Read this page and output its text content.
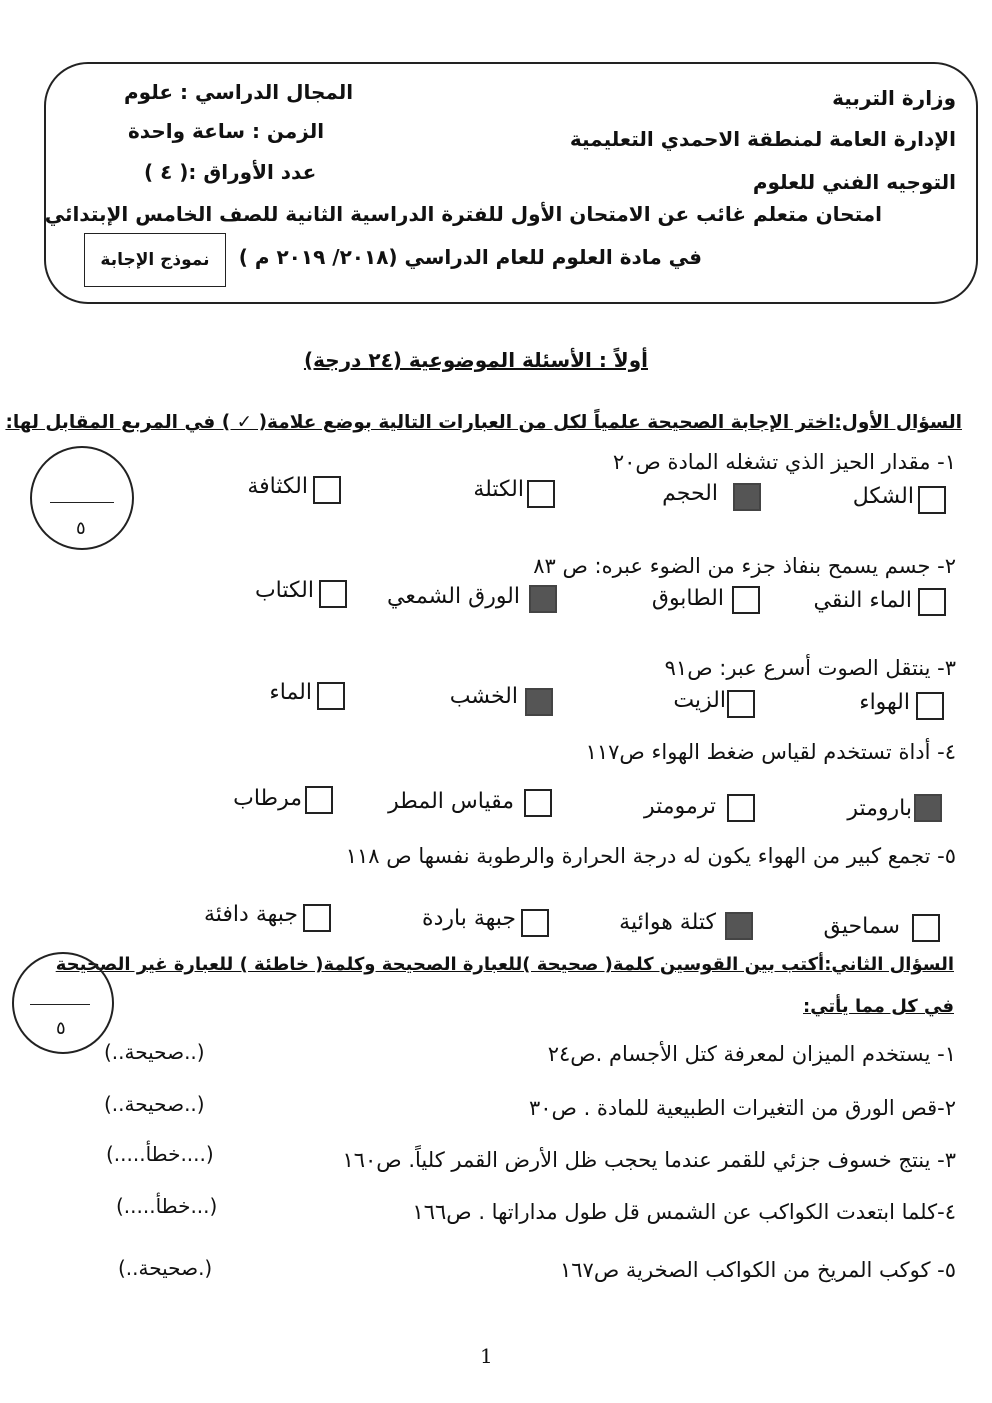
وزارة التربية
الإدارة العامة لمنطقة الاحمدي التعليمية
التوجيه الفني للعلوم
المجال الدراسي : علوم
الزمن : ساعة واحدة
عدد الأوراق :( ٤ )
امتحان متعلم غائب عن الامتحان الأول للفترة الدراسية الثانية للصف الخامس الإبتدائي
في مادة العلوم للعام الدراسي (٢٠١٨/ ٢٠١٩ م )
نموذج الإجابة
أولاً : الأسئلة الموضوعية (٢٤ درجة)
السؤال الأول:اختر الإجابة الصحيحة علمياً لكل من العبارات التالية بوضع علامة( ✓ ) في المربع المقابل لها:
٥
١- مقدار الحيز الذي تشغله المادة ص٢٠
الشكل
الحجم
الكتلة
الكثافة
٢- جسم يسمح بنفاذ جزء من الضوء عبره: ص ٨٣
الماء النقي
الطابوق
الورق الشمعي
الكتاب
٣- ينتقل الصوت أسرع عبر: ص٩١
الهواء
الزيت
الخشب
الماء
٤- أداة تستخدم لقياس ضغط الهواء ص١١٧
بارومتر
ترمومتر
مقياس المطر
مرطاب
٥- تجمع كبير من الهواء يكون له درجة الحرارة والرطوبة نفسها ص ١١٨
سماحيق
كتلة هوائية
جبهة باردة
جبهة دافئة
السؤال الثاني:أكتب بين القوسين كلمة( صحيحة )للعبارة الصحيحة وكلمة( خاطئة ) للعبارة غير الصحيحة
في كل مما يأتي:
٥
١- يستخدم الميزان لمعرفة كتل الأجسام .ص٢٤
(..صحيحة..)
٢-قص الورق من التغيرات الطبيعية للمادة . ص٣٠
(..صحيحة..)
٣- ينتج خسوف جزئي للقمر عندما يحجب ظل الأرض القمر كلياً. ص١٦٠
(....خطأ.....)
٤-كلما ابتعدت الكواكب عن الشمس قل طول مداراتها . ص١٦٦
(...خطأ.....)
٥- كوكب المريخ من الكواكب الصخرية ص١٦٧
(.صحيحة..)
1
